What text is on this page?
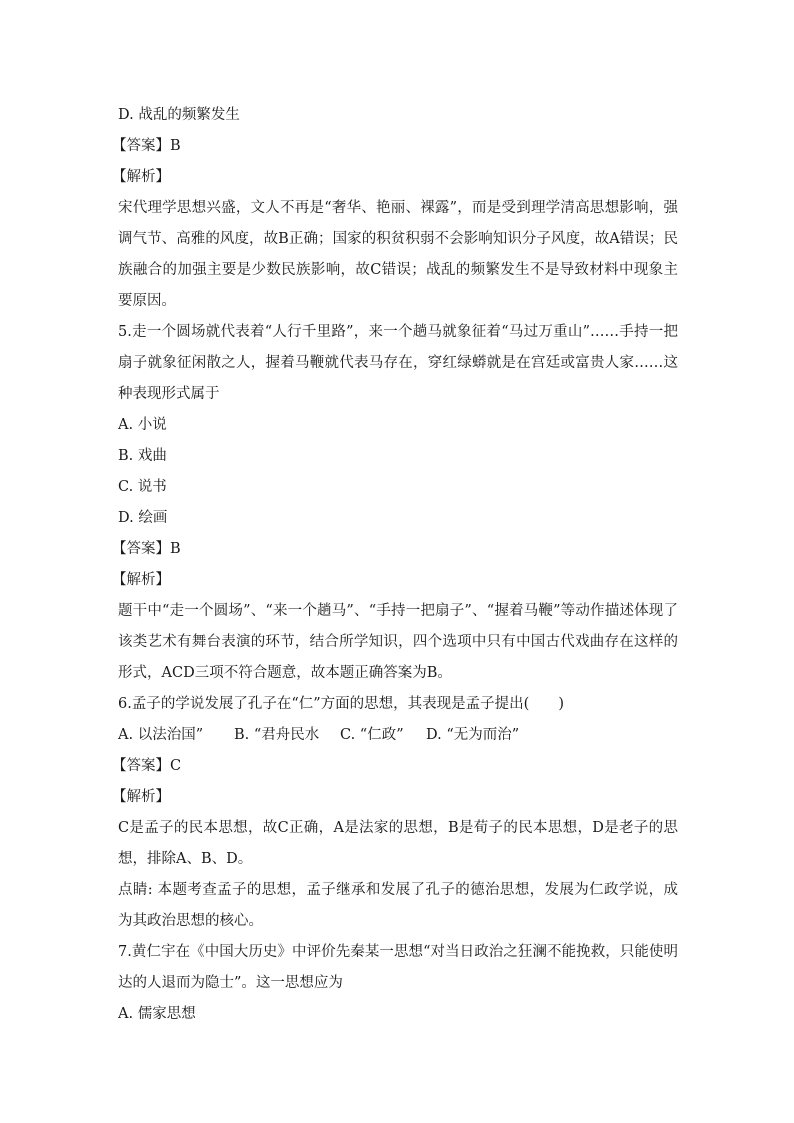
D. 战乱的频繁发生
【答案】B
【解析】
宋代理学思想兴盛，文人不再是“奢华、艳丽、裸露”，而是受到理学清高思想影响，强调气节、高雅的风度，故B正确；国家的积贫积弱不会影响知识分子风度，故A错误；民族融合的加强主要是少数民族影响，故C错误；战乱的频繁发生不是导致材料中现象主要原因。
5.走一个圆场就代表着“人行千里路”，来一个趟马就象征着“马过万重山”……手持一把扇子就象征闲散之人，握着马鞭就代表马存在，穿红绿蟒就是在宫廷或富贵人家……这种表现形式属于
A. 小说
B. 戏曲
C. 说书
D. 绘画
【答案】B
【解析】
题干中“走一个圆场”、“来一个趟马”、“手持一把扇子”、“握着马鞭”等动作描述体现了该类艺术有舞台表演的环节，结合所学知识，四个选项中只有中国古代戏曲存在这样的形式，ACD三项不符合题意，故本题正确答案为B。
6.孟子的学说发展了孔子在“仁”方面的思想，其表现是孟子提出(　　)
A. 以法治国” B. “君舟民水 C. “仁政” D. “无为而治”
【答案】C
【解析】
C是孟子的民本思想，故C正确，A是法家的思想，B是荀子的民本思想，D是老子的思想，排除A、B、D。
点睛: 本题考查孟子的思想，孟子继承和发展了孔子的德治思想，发展为仁政学说，成为其政治思想的核心。
7.黄仁宇在《中国大历史》中评价先秦某一思想“对当日政治之狂澜不能挽救，只能使明达的人退而为隐士”。这一思想应为
A. 儒家思想
